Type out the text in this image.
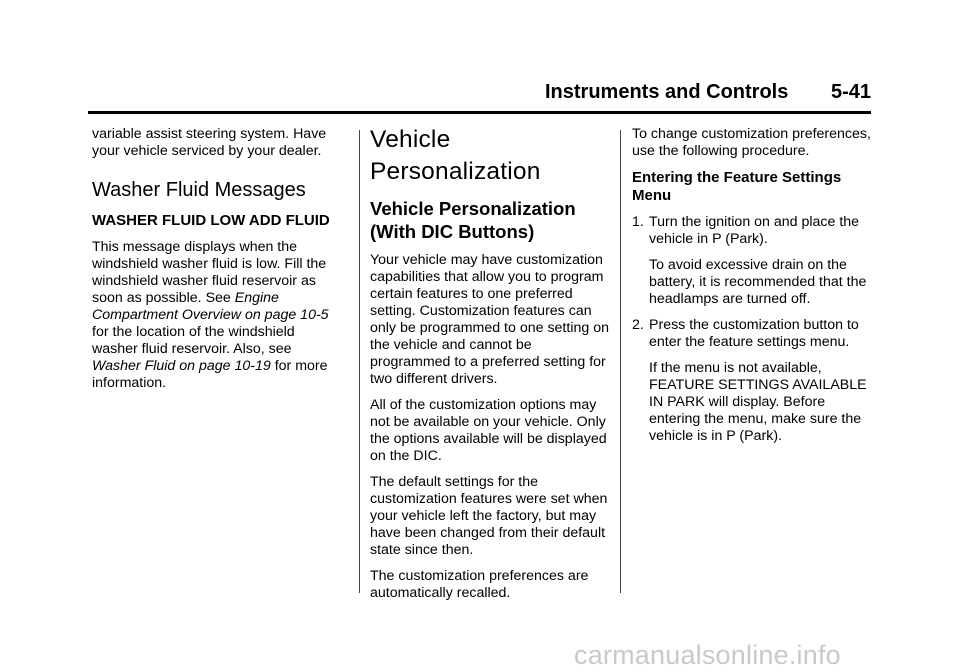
Instruments and Controls 5-41

variable assist steering system. Have your vehicle serviced by your dealer.

Washer Fluid Messages
WASHER FLUID LOW ADD FLUID

This message displays when the windshield washer fluid is low. Fill the windshield washer fluid reservoir as soon as possible. See Engine Compartment Overview on page 10-5 for the location of the windshield washer fluid reservoir. Also, see Washer Fluid on page 10-19 for more information.

Vehicle Personalization
Vehicle Personalization (With DIC Buttons)

Your vehicle may have customization capabilities that allow you to program certain features to one preferred setting. Customization features can only be programmed to one setting on the vehicle and cannot be programmed to a preferred setting for two different drivers.

All of the customization options may not be available on your vehicle. Only the options available will be displayed on the DIC.

The default settings for the customization features were set when your vehicle left the factory, but may have been changed from their default state since then.

The customization preferences are automatically recalled.

To change customization preferences, use the following procedure.

Entering the Feature Settings Menu
1. Turn the ignition on and place the vehicle in P (Park).

To avoid excessive drain on the battery, it is recommended that the headlamps are turned off.

2. Press the customization button to enter the feature settings menu.

If the menu is not available, FEATURE SETTINGS AVAILABLE IN PARK will display. Before entering the menu, make sure the vehicle is in P (Park).

carmanualsonline.info
